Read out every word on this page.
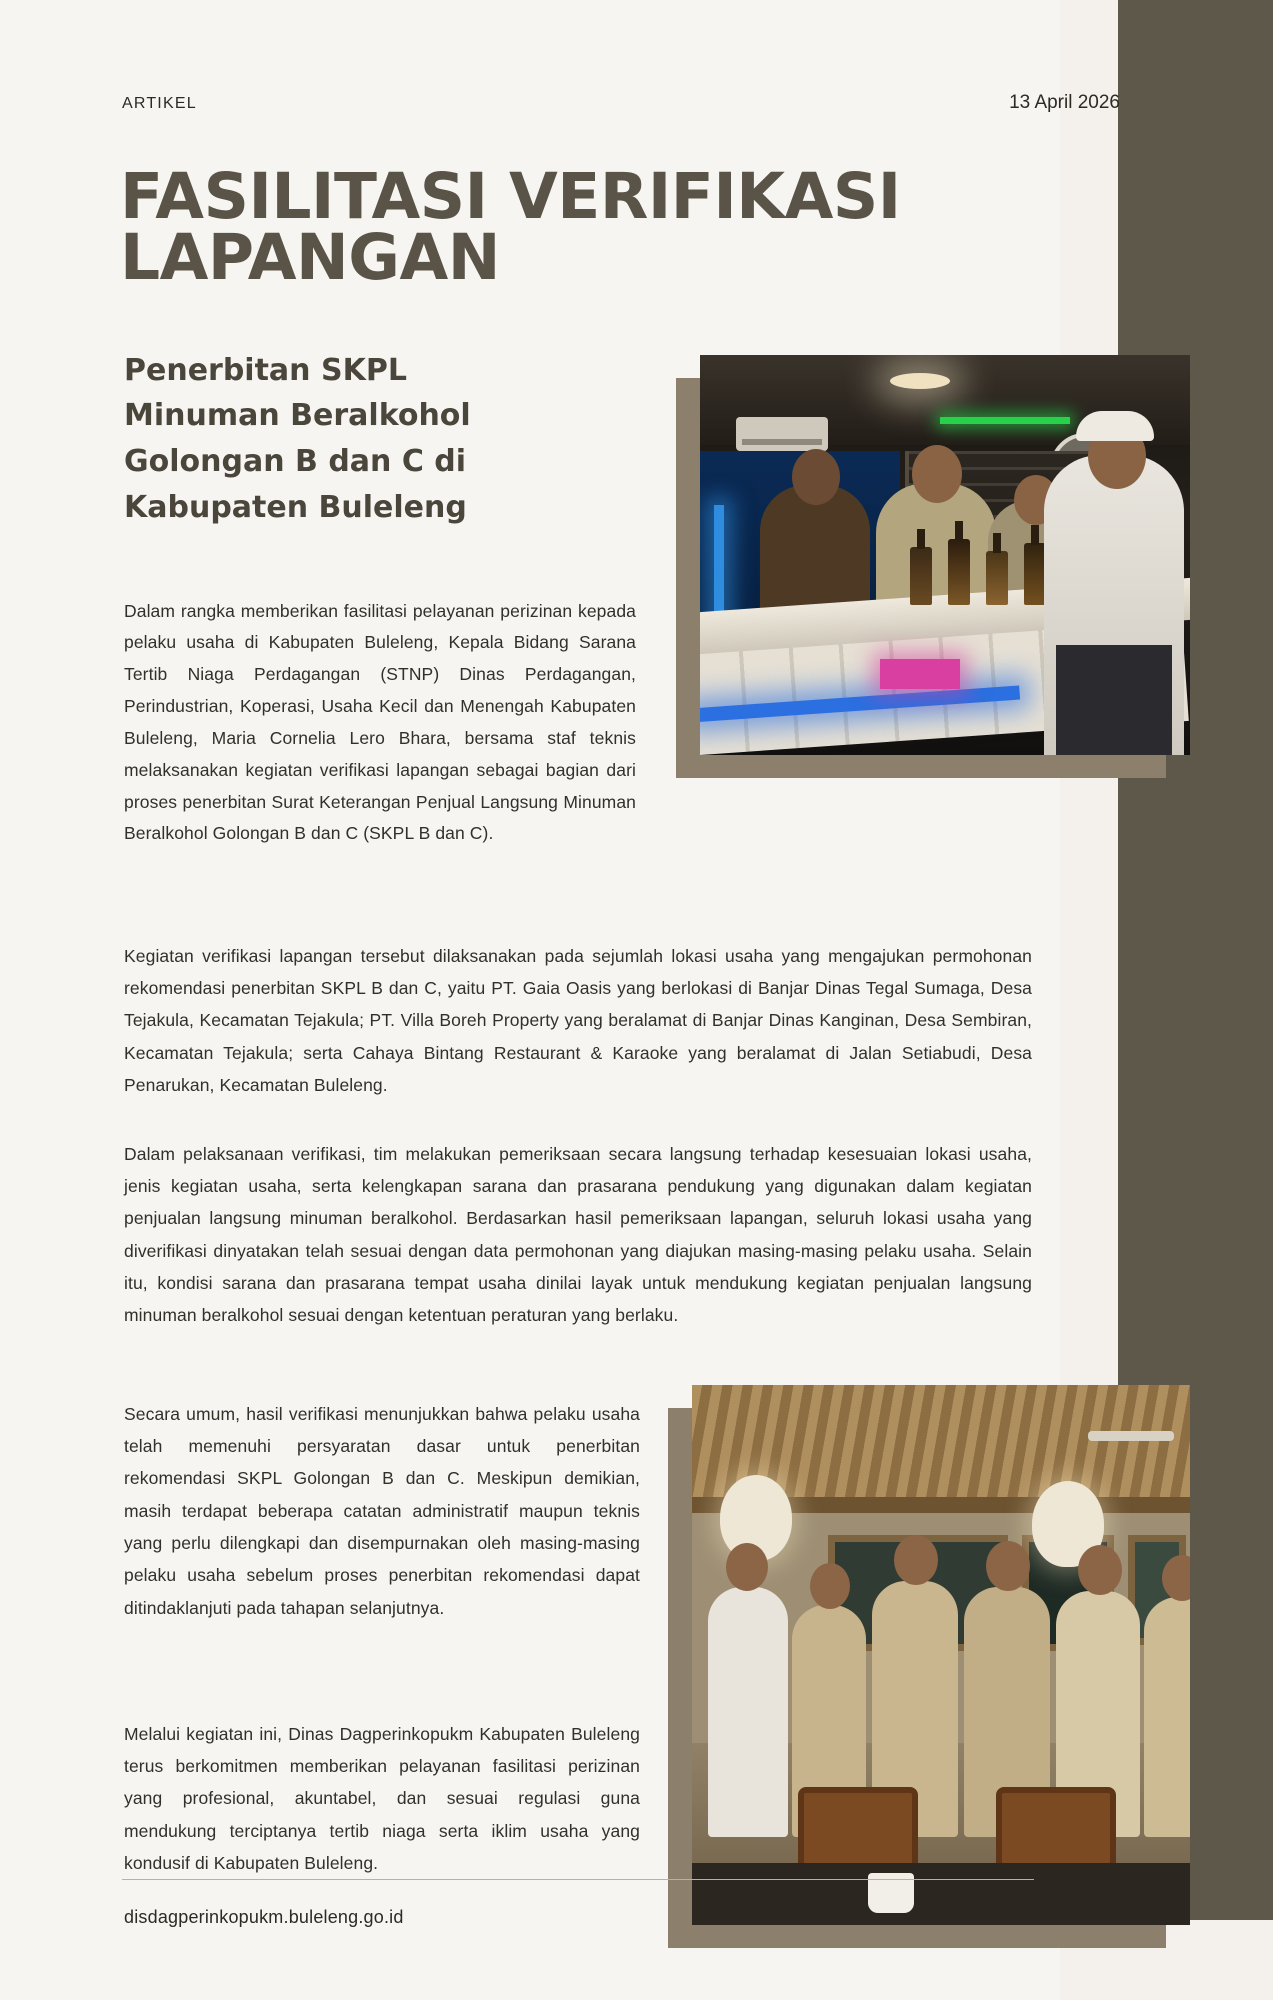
ARTIKEL	13 April 2026
FASILITASI VERIFIKASI LAPANGAN
Penerbitan SKPL Minuman Beralkohol Golongan B dan C di Kabupaten Buleleng

Dalam rangka memberikan fasilitasi pelayanan perizinan kepada pelaku usaha di Kabupaten Buleleng, Kepala Bidang Sarana Tertib Niaga Perdagangan (STNP) Dinas Perdagangan, Perindustrian, Koperasi, Usaha Kecil dan Menengah Kabupaten Buleleng, Maria Cornelia Lero Bhara, bersama staf teknis melaksanakan kegiatan verifikasi lapangan sebagai bagian dari proses penerbitan Surat Keterangan Penjual Langsung Minuman Beralkohol Golongan B dan C (SKPL B dan C).

Kegiatan verifikasi lapangan tersebut dilaksanakan pada sejumlah lokasi usaha yang mengajukan permohonan rekomendasi penerbitan SKPL B dan C, yaitu PT. Gaia Oasis yang berlokasi di Banjar Dinas Tegal Sumaga, Desa Tejakula, Kecamatan Tejakula; PT. Villa Boreh Property yang beralamat di Banjar Dinas Kanginan, Desa Sembiran, Kecamatan Tejakula; serta Cahaya Bintang Restaurant & Karaoke yang beralamat di Jalan Setiabudi, Desa Penarukan, Kecamatan Buleleng.

Dalam pelaksanaan verifikasi, tim melakukan pemeriksaan secara langsung terhadap kesesuaian lokasi usaha, jenis kegiatan usaha, serta kelengkapan sarana dan prasarana pendukung yang digunakan dalam kegiatan penjualan langsung minuman beralkohol. Berdasarkan hasil pemeriksaan lapangan, seluruh lokasi usaha yang diverifikasi dinyatakan telah sesuai dengan data permohonan yang diajukan masing-masing pelaku usaha. Selain itu, kondisi sarana dan prasarana tempat usaha dinilai layak untuk mendukung kegiatan penjualan langsung minuman beralkohol sesuai dengan ketentuan peraturan yang berlaku.

Secara umum, hasil verifikasi menunjukkan bahwa pelaku usaha telah memenuhi persyaratan dasar untuk penerbitan rekomendasi SKPL Golongan B dan C. Meskipun demikian, masih terdapat beberapa catatan administratif maupun teknis yang perlu dilengkapi dan disempurnakan oleh masing-masing pelaku usaha sebelum proses penerbitan rekomendasi dapat ditindaklanjuti pada tahapan selanjutnya.

Melalui kegiatan ini, Dinas Dagperinkopukm Kabupaten Buleleng terus berkomitmen memberikan pelayanan fasilitasi perizinan yang profesional, akuntabel, dan sesuai regulasi guna mendukung terciptanya tertib niaga serta iklim usaha yang kondusif di Kabupaten Buleleng.

disdagperinkopukm.buleleng.go.id
